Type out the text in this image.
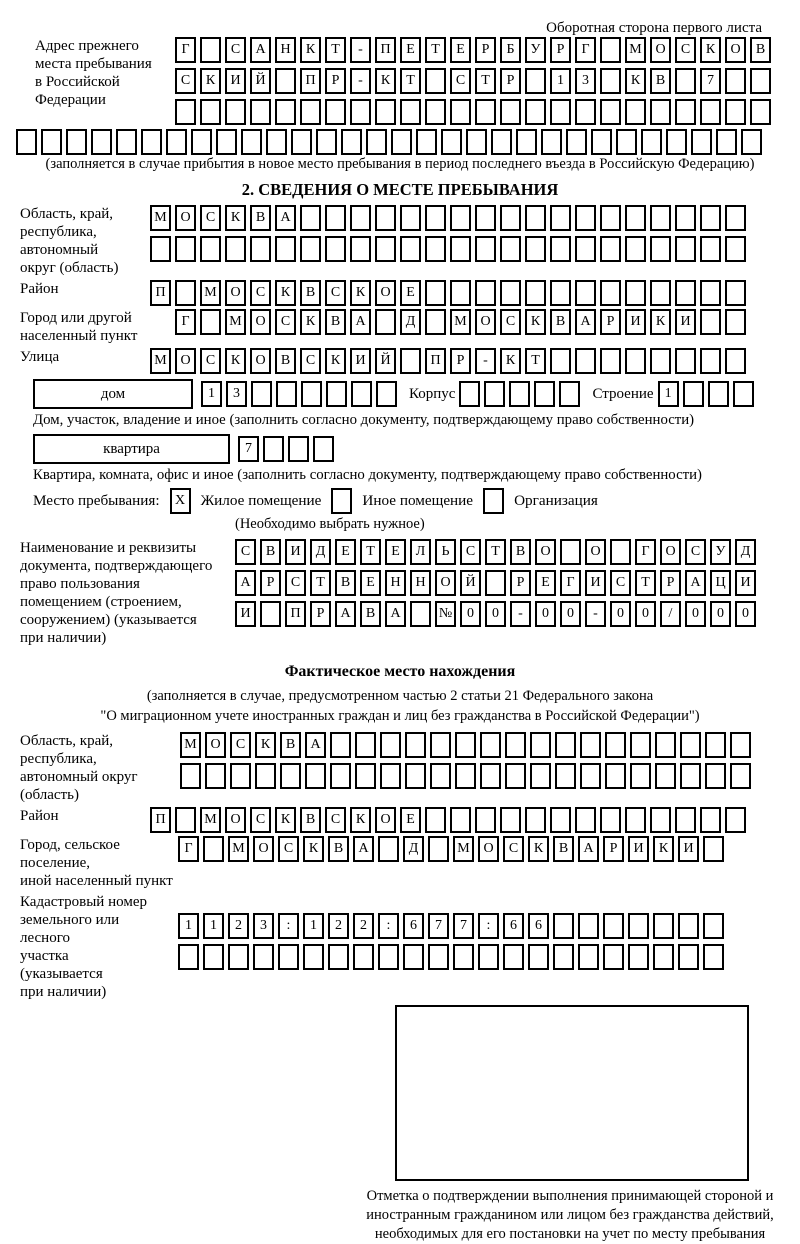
Оборотная сторона первого листа
Адрес прежнего
места пребывания
в Российской
Федерации
Г	С	А	Н	К	Т	-	П	Е	Т	Е	Р	Б	У	Р	Г	М О	С	К	О	В
С	К	И	Й	П	Р	-	К	Т	С	Т	Р	1	3	К	В	7
(заполняется в случае прибытия в новое место пребывания в период последнего въезда в Российскую Федерацию)
2. СВЕДЕНИЯ О МЕСТЕ ПРЕБЫВАНИЯ
Область, край,
республика,
автономный
округ (область)
М О	С	К	В	А
Район	П	М О	С	К	В	С	К	О	Е
Город или другой
населенный пункт
Г	М О	С	К	В	А	Д	М О	С	К	В	А	Р	И	К	И
Улица	М О	С	К	О	В	С	К	И	Й	П	Р	-	К	Т
дом	1	3	Корпус	Строение 1
Дом, участок, владение и иное (заполнить согласно документу, подтверждающему право собственности)
квартира	7
Квартира, комната, офис и иное (заполнить согласно документу, подтверждающему право собственности)
Место пребывания:	X	Жилое помещение	Иное помещение	Организация
(Необходимо выбрать нужное)
Наименование и реквизиты
документа, подтверждающего
право пользования
помещением (строением,
сооружением) (указывается
при наличии)
С	В	И	Д	Е	Т	Е	Л	Ь	С	Т	В	О	О	Г	О	С	У	Д
А	Р	С	Т	В	Е	Н	Н	О	Й	Р	Е	Г	И	С	Т	Р	А	Ц	И
И	П	Р	А	В	А	№	0	0	-	0	0	-	0	0	/	0	0	0
Фактическое место нахождения
(заполняется в случае, предусмотренном частью 2 статьи 21 Федерального закона
"О миграционном учете иностранных граждан и лиц без гражданства в Российской Федерации")
Область, край,
республика,
автономный округ
(область)
М О	С	К	В	А
Район	П	М О	С	К	В	С	К	О	Е
Город, сельское поселение,
иной населенный пункт
Г	М О	С	К	В	А	Д	М О	С	К	В	А	Р	И	К	И
Кадастровый номер
земельного или лесного
участка (указывается
при наличии)
1	1	2	3	:	1	2	2	:	6	7	7	:	6	6
Отметка о подтверждении выполнения принимающей стороной и иностранным гражданином или лицом без гражданства действий, необходимых для его постановки на учет по месту пребывания
